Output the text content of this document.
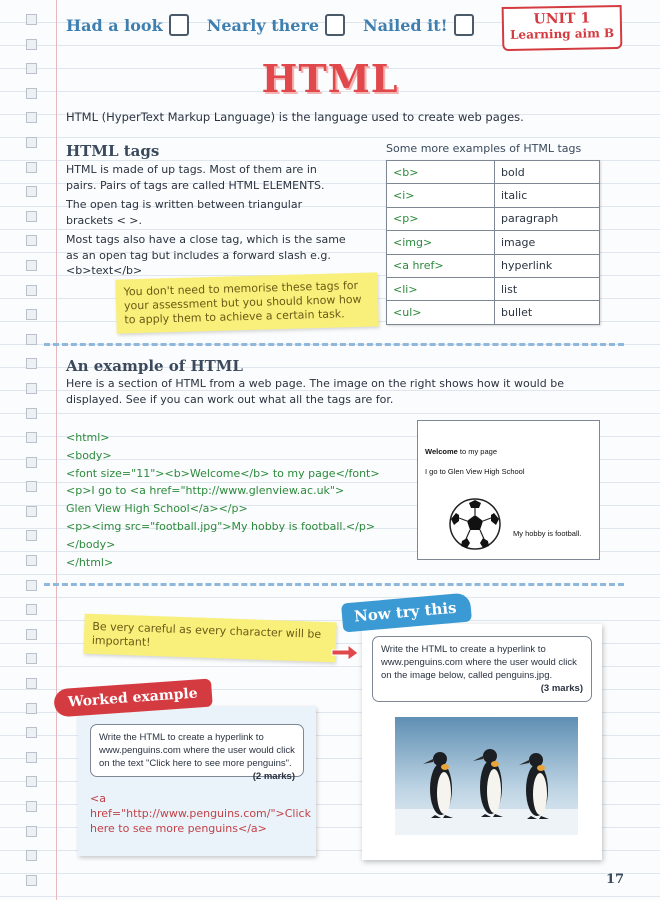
Had a look	Nearly there	Nailed it!	UNIT 1
Learning aim B
HTML
HTML (HyperText Markup Language) is the language used to create web pages.
HTML tags

HTML is made of up tags. Most of them are in pairs. Pairs of tags are called HTML ELEMENTS.

The open tag is written between triangular brackets < >.

Most tags also have a close tag, which is the same as an open tag but includes a forward slash e.g. <b>text</b>

You don't need to memorise these tags for your assessment but you should know how to apply them to achieve a certain task.
Some more examples of HTML tags
<b>	bold
<i>	italic
<p>	paragraph
<img>	image
<a href>	hyperlink
<li>	list
<ul>	bullet
An example of HTML
Here is a section of HTML from a web page. The image on the right shows how it would be displayed. See if you can work out what all the tags are for.
<html>
<body>
<font size="11"><b>Welcome</b> to my page</font>
<p>I go to <a href="http://www.glenview.ac.uk">
Glen View High School</a></p>
<p><img src="football.jpg">My hobby is football.</p>
</body>
</html>
Welcome to my page
I go to Glen View High School
My hobby is football.
Be very careful as every character will be important!
Now try this
Write the HTML to create a hyperlink to www.penguins.com where the user would click on the image below, called penguins.jpg.
(3 marks)
Worked example
Write the HTML to create a hyperlink to www.penguins.com where the user would click on the text "Click here to see more penguins".
(2 marks)
<a href="http://www.penguins.com/">Click here to see more penguins</a>
17
